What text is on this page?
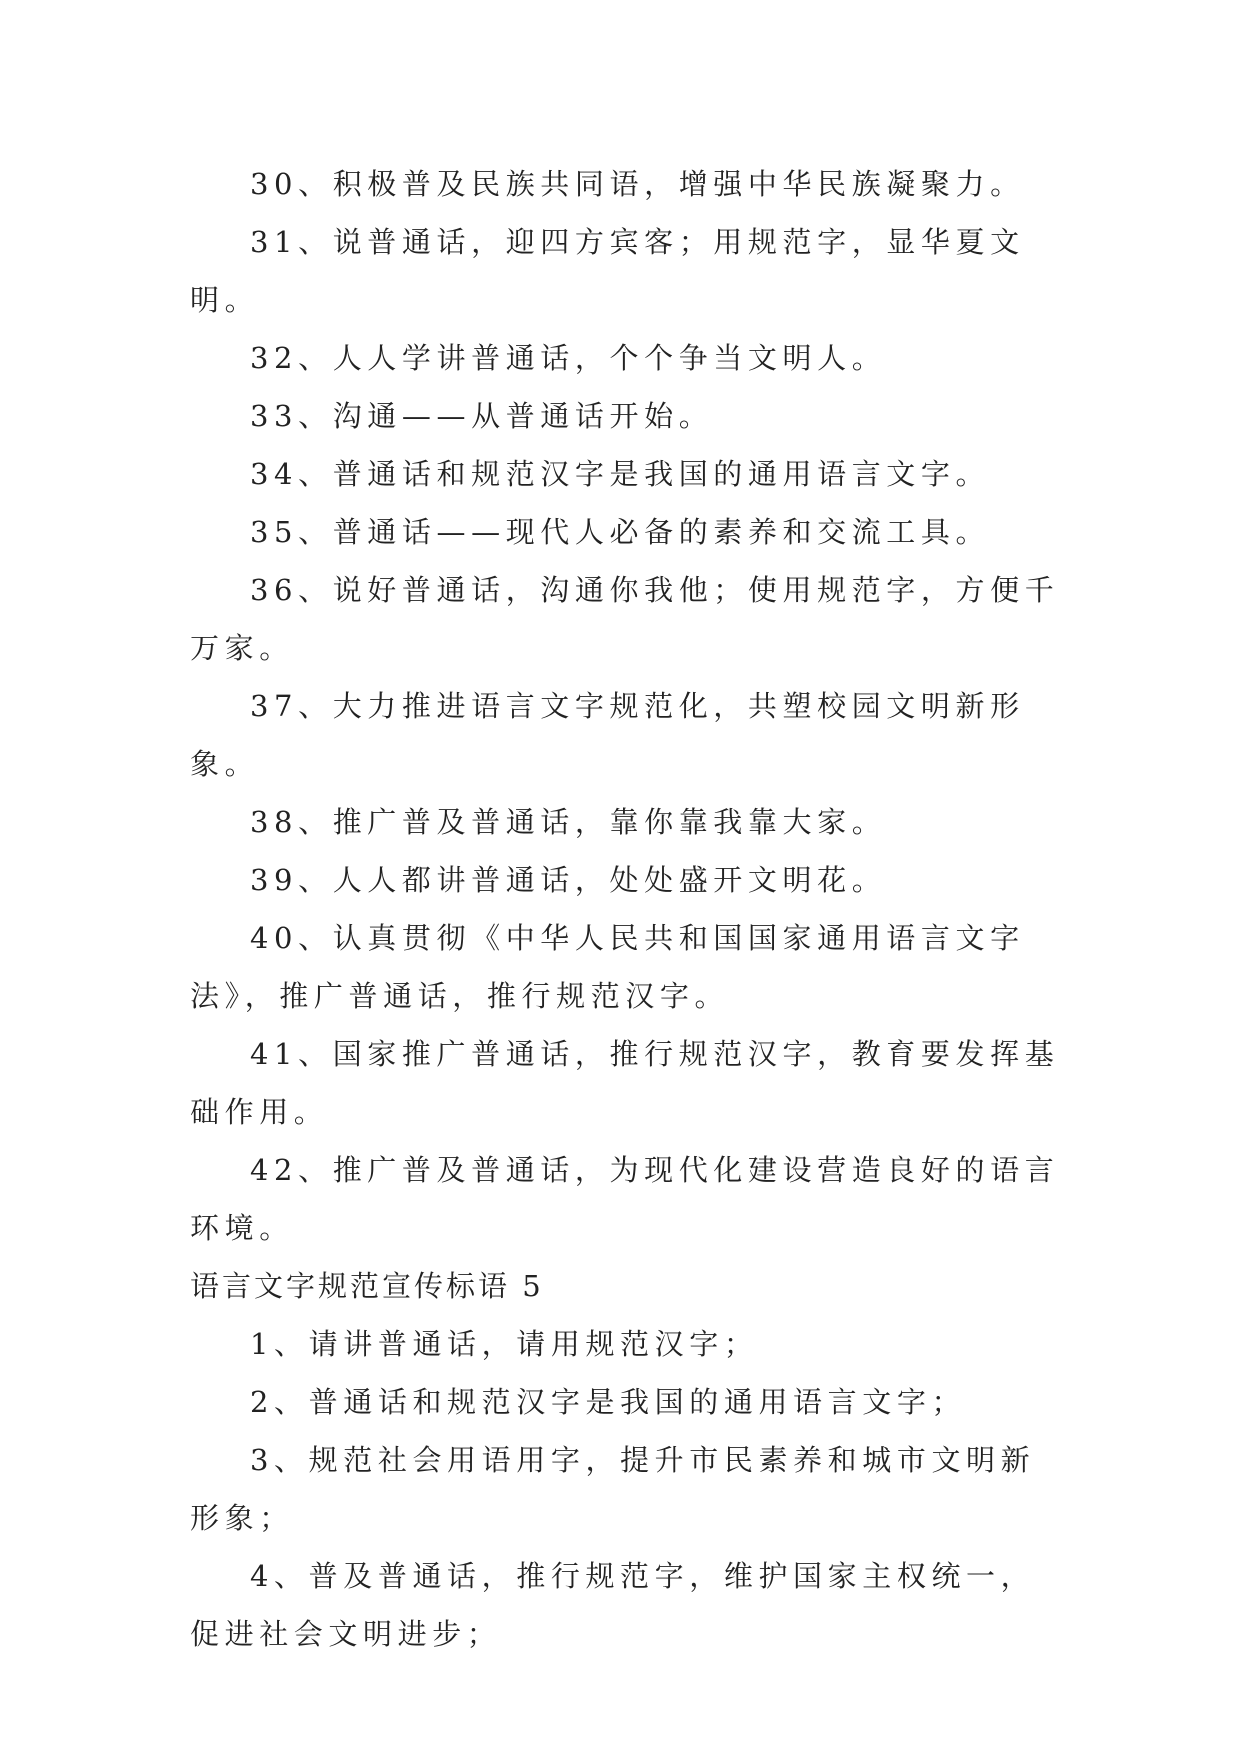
30、积极普及民族共同语，增强中华民族凝聚力。

31、说普通话，迎四方宾客；用规范字，显华夏文明。

32、人人学讲普通话，个个争当文明人。

33、沟通——从普通话开始。

34、普通话和规范汉字是我国的通用语言文字。

35、普通话——现代人必备的素养和交流工具。

36、说好普通话，沟通你我他；使用规范字，方便千万家。

37、大力推进语言文字规范化，共塑校园文明新形象。

38、推广普及普通话，靠你靠我靠大家。

39、人人都讲普通话，处处盛开文明花。

40、认真贯彻《中华人民共和国国家通用语言文字法》，推广普通话，推行规范汉字。

41、国家推广普通话，推行规范汉字，教育要发挥基础作用。

42、推广普及普通话，为现代化建设营造良好的语言环境。

语言文字规范宣传标语 5

1、请讲普通话，请用规范汉字；

2、普通话和规范汉字是我国的通用语言文字；

3、规范社会用语用字，提升市民素养和城市文明新形象；

4、普及普通话，推行规范字，维护国家主权统一，促进社会文明进步；
